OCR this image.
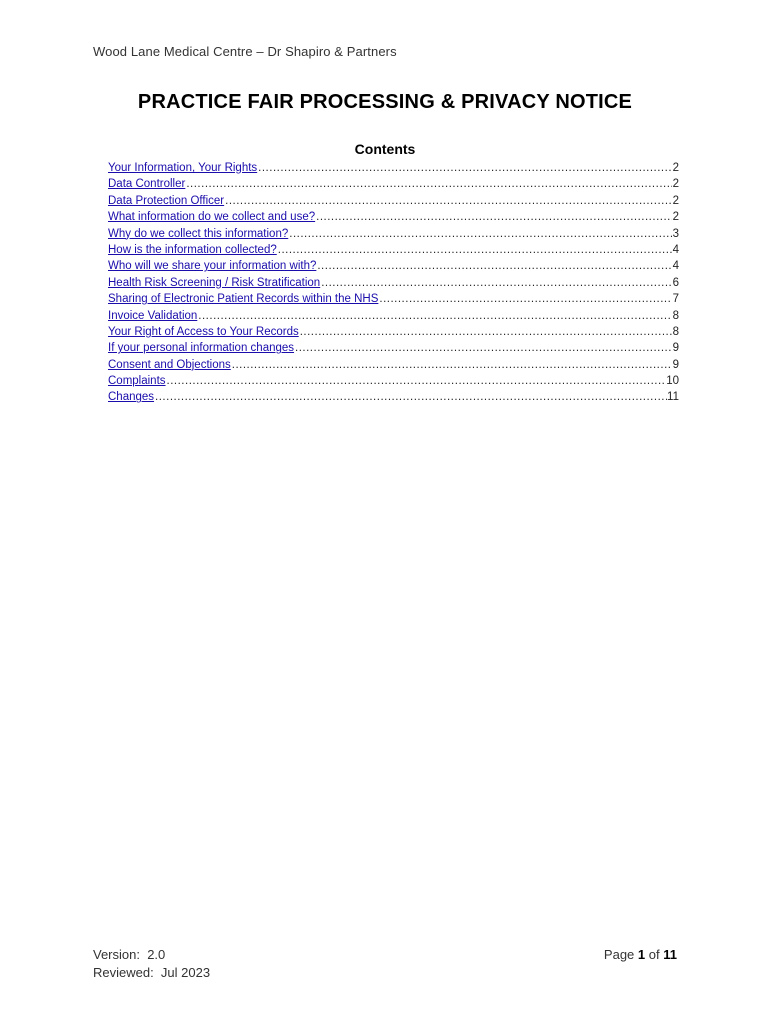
Wood Lane Medical Centre – Dr Shapiro & Partners
PRACTICE FAIR PROCESSING & PRIVACY NOTICE
Contents
Your Information, Your Rights .....	2
Data Controller .....	2
Data Protection Officer .....	2
What information do we collect and use? .....	2
Why do we collect this information? .....	3
How is the information collected? .....	4
Who will we share your information with? .....	4
Health Risk Screening / Risk Stratification .....	6
Sharing of Electronic Patient Records within the NHS .....	7
Invoice Validation .....	8
Your Right of Access to Your Records .....	8
If your personal information changes .....	9
Consent and Objections .....	9
Complaints .....	10
Changes .....	11
Version:  2.0
Reviewed:  Jul 2023
Page 1 of 11
